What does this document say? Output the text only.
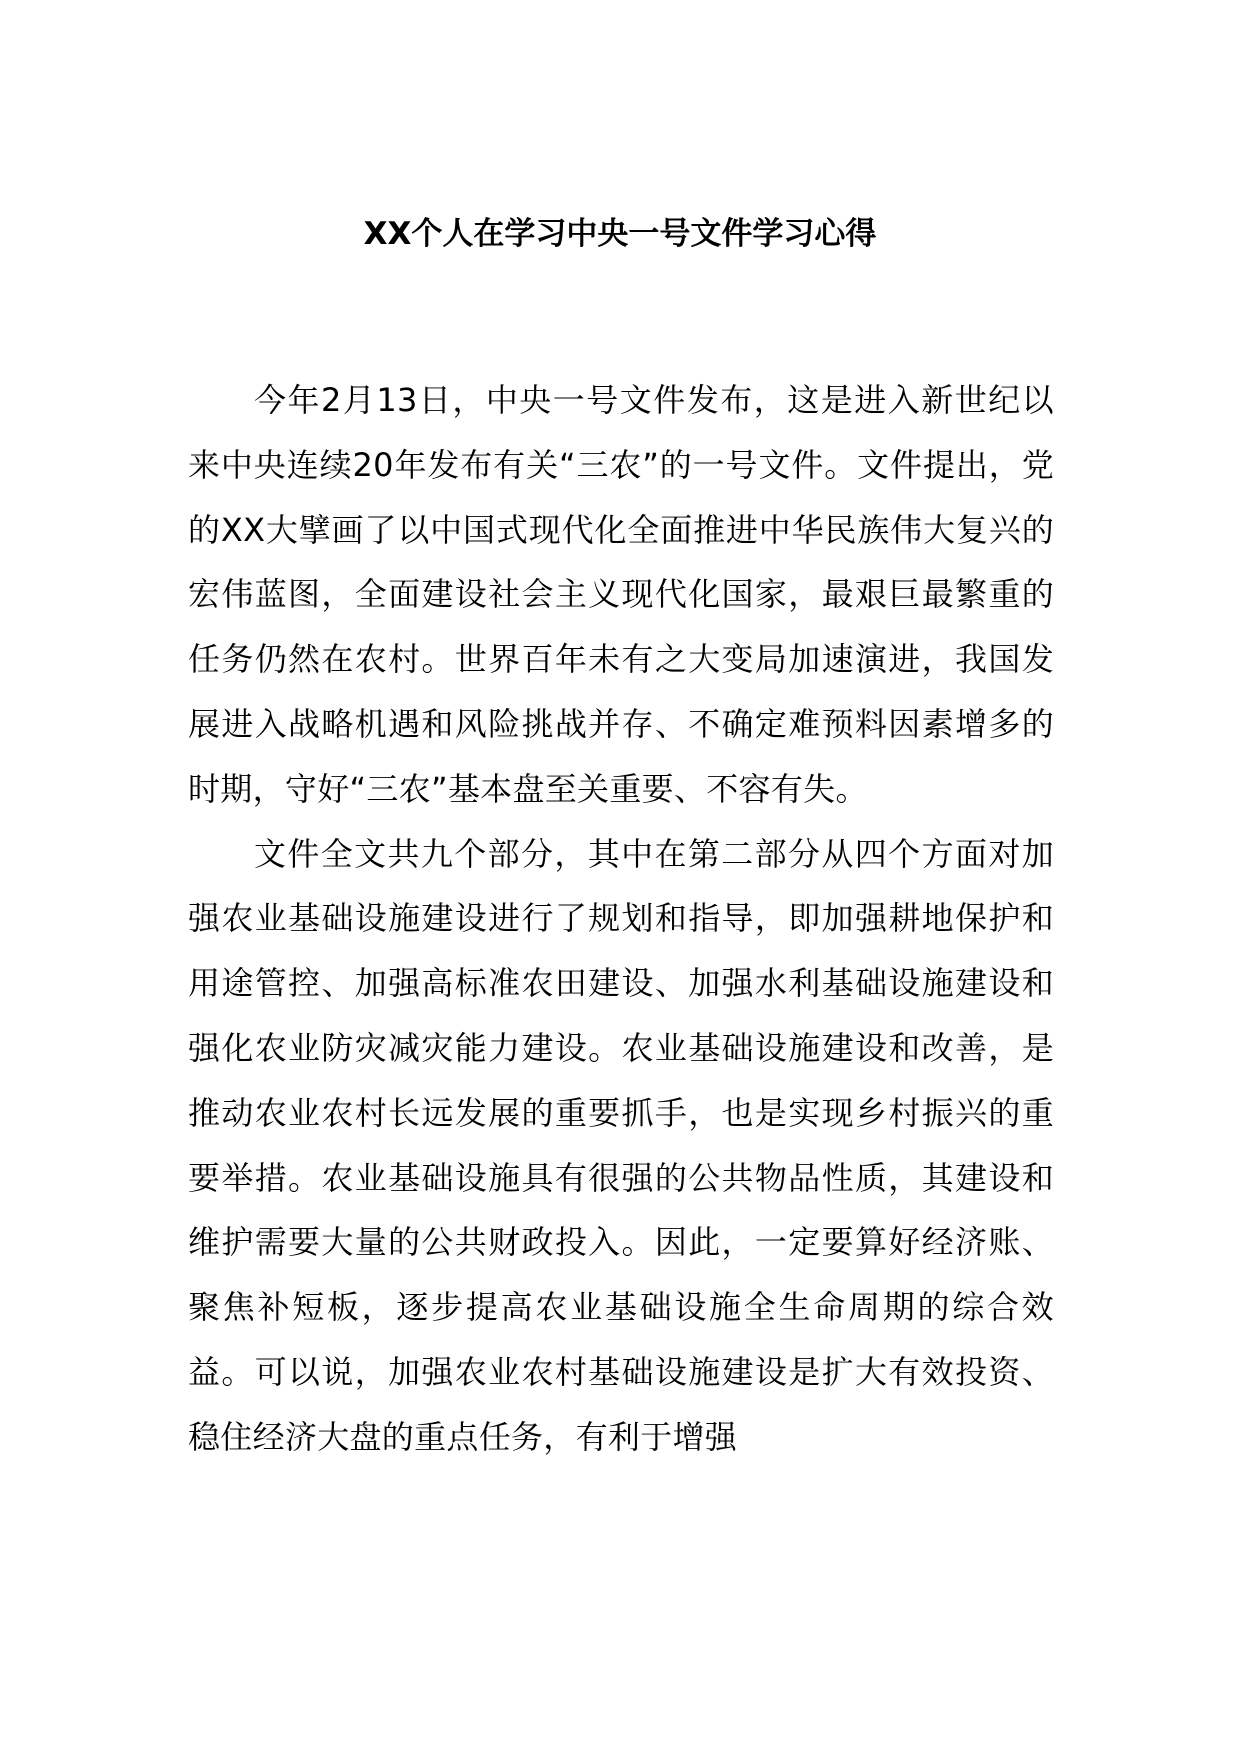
XX个人在学习中央一号文件学习心得

今年2月13日，中央一号文件发布，这是进入新世纪以来中央连续20年发布有关“三农”的一号文件。文件提出，党的XX大擘画了以中国式现代化全面推进中华民族伟大复兴的宏伟蓝图，全面建设社会主义现代化国家，最艰巨最繁重的任务仍然在农村。世界百年未有之大变局加速演进，我国发展进入战略机遇和风险挑战并存、不确定难预料因素增多的时期，守好“三农”基本盘至关重要、不容有失。

文件全文共九个部分，其中在第二部分从四个方面对加强农业基础设施建设进行了规划和指导，即加强耕地保护和用途管控、加强高标准农田建设、加强水利基础设施建设和强化农业防灾减灾能力建设。农业基础设施建设和改善，是推动农业农村长远发展的重要抓手，也是实现乡村振兴的重要举措。农业基础设施具有很强的公共物品性质，其建设和维护需要大量的公共财政投入。因此，一定要算好经济账、聚焦补短板，逐步提高农业基础设施全生命周期的综合效益。可以说，加强农业农村基础设施建设是扩大有效投资、稳住经济大盘的重点任务，有利于增强
